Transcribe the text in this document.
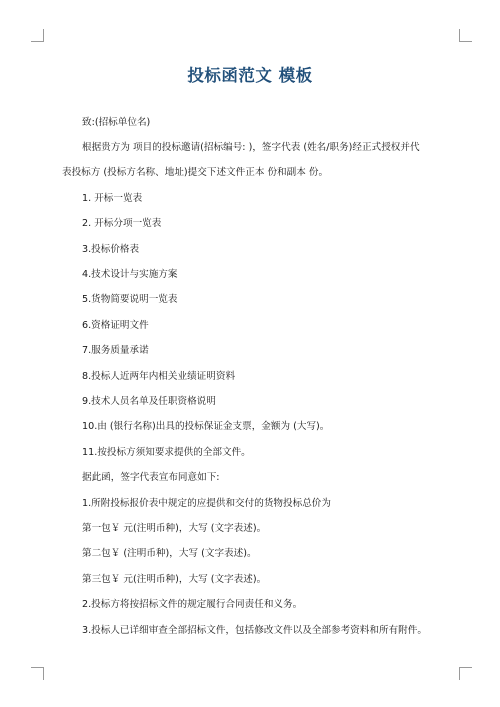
投标函范文 模板
致:(招标单位名)
根据贵方为 项目的投标邀请(招标编号: )，签字代表 (姓名/职务)经正式授权并代
表投标方 (投标方名称、地址)提交下述文件正本 份和副本 份。
1. 开标一览表
2. 开标分项一览表
3.投标价格表
4.技术设计与实施方案
5.货物简要说明一览表
6.资格证明文件
7.服务质量承诺
8.投标人近两年内相关业绩证明资料
9.技术人员名单及任职资格说明
10.由 (银行名称)出具的投标保证金支票，金额为 (大写)。
11.按投标方须知要求提供的全部文件。
据此函，签字代表宣布同意如下:
1.所附投标报价表中规定的应提供和交付的货物投标总价为
第一包￥ 元(注明币种)，大写 (文字表述)。
第二包￥ (注明币种)，大写 (文字表述)。
第三包￥ 元(注明币种)，大写 (文字表述)。
2.投标方将按招标文件的规定履行合同责任和义务。
3.投标人已详细审查全部招标文件，包括修改文件以及全部参考资料和所有附件。
